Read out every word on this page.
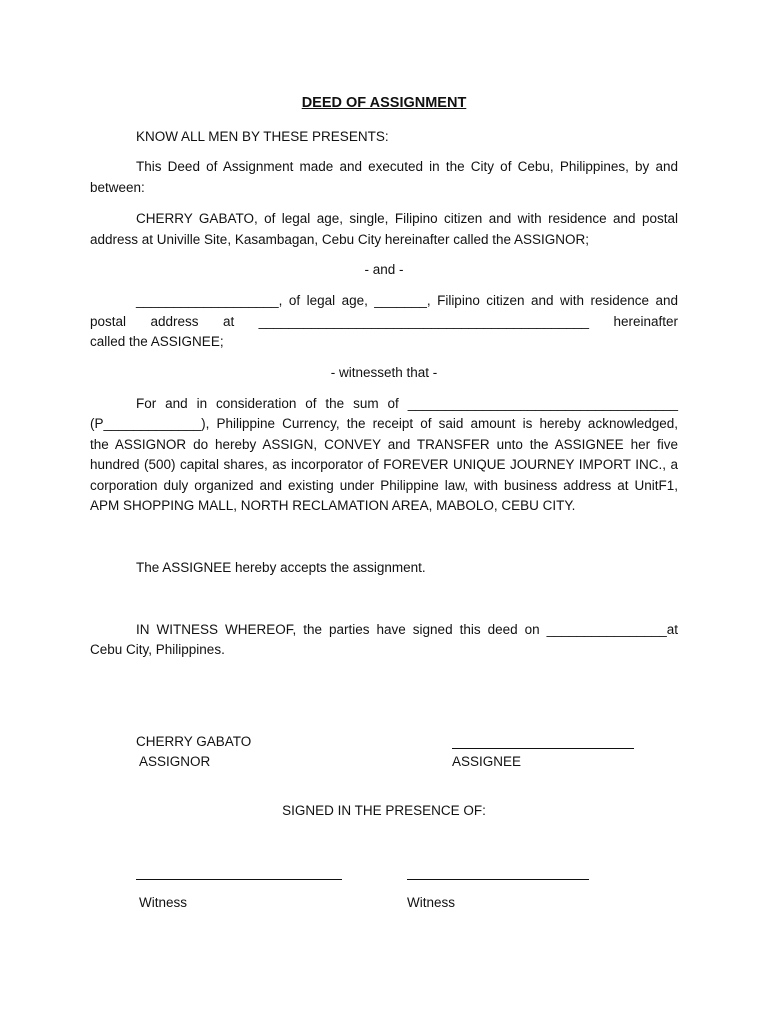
DEED OF ASSIGNMENT
KNOW ALL MEN BY THESE PRESENTS:
This Deed of Assignment made and executed in the City of Cebu, Philippines, by and
between:
CHERRY GABATO, of legal age, single, Filipino citizen and with residence and postal
address at Univille Site, Kasambagan, Cebu City hereinafter called the ASSIGNOR;
- and -
___________________, of legal age, _______, Filipino citizen and with residence and
postal address at ____________________________________________ hereinafter
called the ASSIGNEE;
- witnesseth that -
For and in consideration of the sum of ____________________________________
(P_____________), Philippine Currency, the receipt of said amount is hereby acknowledged,
the ASSIGNOR do hereby ASSIGN, CONVEY and TRANSFER unto the ASSIGNEE her five
hundred (500) capital shares, as incorporator of FOREVER UNIQUE JOURNEY IMPORT INC., a
corporation duly organized and existing under Philippine law, with business address at UnitF1,
APM SHOPPING MALL, NORTH RECLAMATION AREA, MABOLO, CEBU CITY.
The ASSIGNEE hereby accepts the assignment.
IN WITNESS WHEREOF, the parties have signed this deed on ________________at
Cebu City, Philippines.
CHERRY GABATO
ASSIGNOR	ASSIGNEE
SIGNED IN THE PRESENCE OF:
Witness	Witness
